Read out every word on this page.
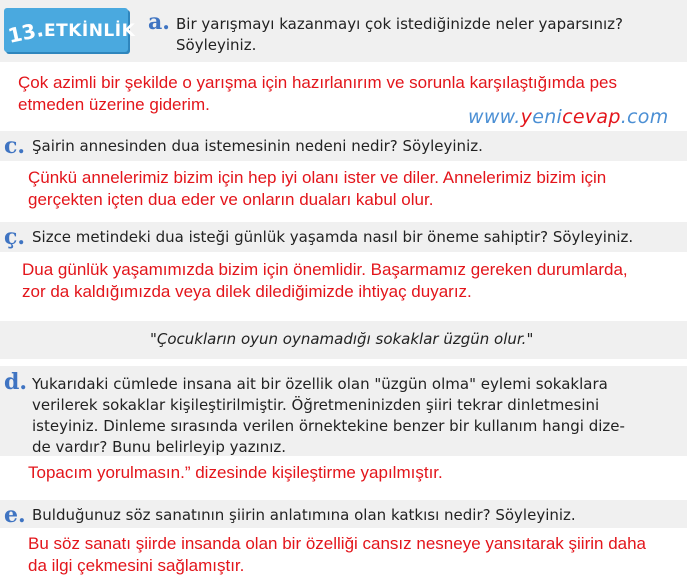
13.
ETKİNLİK a. Bir yarışmayı kazanmayı çok istediğinizde neler yaparsınız?
Söyleyiniz.
Çok azimli bir şekilde o yarışma için hazırlanırım ve sorunla karşılaştığımda pes
etmeden üzerine giderim.
www.yenicevap.com
c. Şairin annesinden dua istemesinin nedeni nedir? Söyleyiniz.
Çünkü annelerimiz bizim için hep iyi olanı ister ve diler. Annelerimiz bizim için
gerçekten içten dua eder ve onların duaları kabul olur.
ç. Sizce metindeki dua isteği günlük yaşamda nasıl bir öneme sahiptir? Söyleyiniz.
Dua günlük yaşamımızda bizim için önemlidir. Başarmamız gereken durumlarda,
zor da kaldığımızda veya dilek dilediğimizde ihtiyaç duyarız.
"Çocukların oyun oynamadığı sokaklar üzgün olur."
d. Yukarıdaki cümlede insana ait bir özellik olan "üzgün olma" eylemi sokaklara
verilerek sokaklar kişileştirilmiştir. Öğretmeninizden şiiri tekrar dinletmesini
isteyiniz. Dinleme sırasında verilen örnektekine benzer bir kullanım hangi dize-
de vardır? Bunu belirleyip yazınız.
Topacım yorulmasın.” dizesinde kişileştirme yapılmıştır.
e. Bulduğunuz söz sanatının şiirin anlatımına olan katkısı nedir? Söyleyiniz.
Bu söz sanatı şiirde insanda olan bir özelliği cansız nesneye yansıtarak şiirin daha
da ilgi çekmesini sağlamıştır.
